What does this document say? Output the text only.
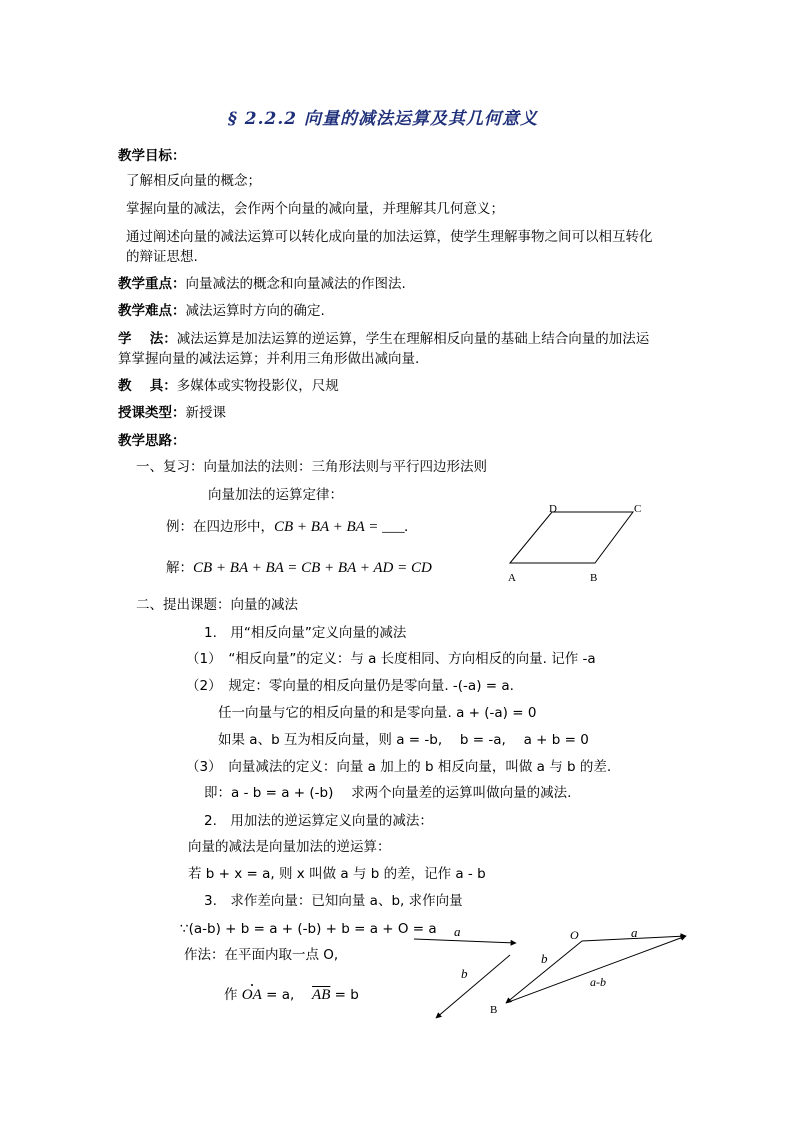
§ 2.2.2 向量的减法运算及其几何意义
教学目标：
了解相反向量的概念；
掌握向量的减法，会作两个向量的减向量，并理解其几何意义；
通过阐述向量的减法运算可以转化成向量的加法运算，使学生理解事物之间可以相互转化
的辩证思想.
教学重点：向量减法的概念和向量减法的作图法.
教学难点：减法运算时方向的确定.
学　 法：减法运算是加法运算的逆运算，学生在理解相反向量的基础上结合向量的加法运
算掌握向量的减法运算；并利用三角形做出减向量.
教　 具：多媒体或实物投影仪，尺规
授课类型：新授课
教学思路：
一、复习：向量加法的法则：三角形法则与平行四边形法则
向量加法的运算定律：
例：在四边形中，CB + BA + BA = ___.
解：CB + BA + BA = CB + BA + AD = CD
D	C
A	B
二、提出课题：向量的减法
1.　用“相反向量”定义向量的减法
（1）　“相反向量”的定义：与 a 长度相同、方向相反的向量. 记作 -a
（2）　规定：零向量的相反向量仍是零向量. -(-a) = a.
任一向量与它的相反向量的和是零向量. a + (-a) = 0
如果 a、b 互为相反向量，则 a = -b,　 b = -a,　 a + b = 0
（3）　向量减法的定义：向量 a 加上的 b 相反向量，叫做 a 与 b 的差.
即：a - b = a + (-b)　 求两个向量差的运算叫做向量的减法.
2.　用加法的逆运算定义向量的减法：
向量的减法是向量加法的逆运算：
若 b + x = a, 则 x 叫做 a 与 b 的差，记作 a - b
3.　求作差向量：已知向量 a、b, 求作向量
∵(a-b) + b = a + (-b) + b = a + O = a
作法：在平面内取一点 O,
作 OA = a,　 $\overline{AB} = b$
a
b
O	a
b
a-b
B
